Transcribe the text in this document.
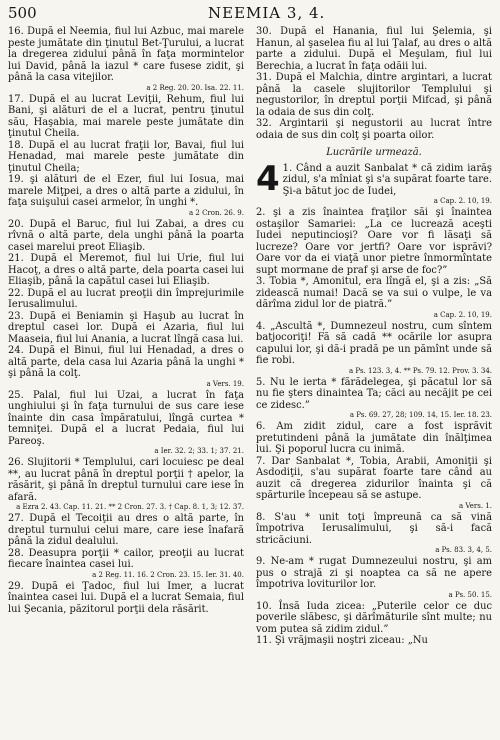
500	NEEMIA 3, 4.
16. După el Neemia, fiul lui Azbuc, mai marele peste jumătate din ţinutul Bet-Ţurului, a lucrat la dregerea zidului până în faţa mormintelor lui David, până la iazul * care fusese zidit, şi până la casa vitejilor.
a 2 Reg. 20. 20. Isa. 22. 11.
17. După el au lucrat Leviţii, Rehum, fiul lui Bani, şi alături de el a lucrat, pentru ţinutul său, Haşabia, mai marele peste jumătate din ţinutul Cheila.
18. După el au lucrat fraţii lor, Bavai, fiul lui Henadad, mai marele peste jumătate din ţinutul Cheila;
19. şi alături de el Ezer, fiul lui Iosua, mai marele Miţpei, a dres o altă parte a zidului, în faţa suişului casei armelor, în unghi *.
a 2 Cron. 26. 9.
20. După el Baruc, fiul lui Zabai, a dres cu rîvnă o altă parte, dela unghi până la poarta casei marelui preot Eliaşib.
21. După el Meremot, fiul lui Urie, fiul lui Hacoţ, a dres o altă parte, dela poarta casei lui Eliaşib, până la capătul casei lui Eliaşib.
22. După el au lucrat preoţii din împrejurimile Ierusalimului.
23. După ei Beniamin şi Haşub au lucrat în dreptul casei lor. După ei Azaria, fiul lui Maaseia, fiul lui Anania, a lucrat lîngă casa lui.
24. După el Binui, fiul lui Henadad, a dres o altă parte, dela casa lui Azaria până la unghi * şi până la colţ.
a Vers. 19.
25. Palal, fiul lui Uzai, a lucrat în faţa unghiului şi în faţa turnului de sus care iese înainte din casa împăratului, lîngă curtea * temniţei. După el a lucrat Pedaia, fiul lui Pareoş.
a Ier. 32. 2; 33. 1; 37. 21.
26. Slujitorii * Templului, cari locuiesc pe deal **, au lucrat până în dreptul porţii † apelor, la răsărit, şi până în dreptul turnului care iese în afară.
a Ezra 2. 43. Cap. 11. 21. ** 2 Cron. 27. 3. † Cap. 8. 1, 3; 12. 37.
27. După el Tecoiţii au dres o altă parte, în dreptul turnului celui mare, care iese înafară până la zidul dealului.
28. Deasupra porţii * cailor, preoţii au lucrat fiecare înaintea casei lui.
a 2 Reg. 11. 16. 2 Cron. 23. 15. Ier. 31. 40.
29. După ei Ţadoc, fiul lui Imer, a lucrat înaintea casei lui. După el a lucrat Semaia, fiul lui Şecania, păzitorul porţii dela răsărit.
30. După el Hanania, fiul lui Şelemia, şi Hanun, al şaselea fiu al lui Ţalaf, au dres o altă parte a zidului. După el Meşulam, fiul lui Berechia, a lucrat în faţa odăii lui.
31. După el Malchia, dintre argintari, a lucrat până la casele slujitorilor Templului şi negustorilor, în dreptul porţii Mifcad, şi până la odaia de sus din colţ.
32. Argintarii şi negustorii au lucrat între odaia de sus din colţ şi poarta oilor.
Lucrările urmează.
4 1. Când a auzit Sanbalat * că zidim iarăş zidul, s'a mîniat şi s'a supărat foarte tare. Şi-a bătut joc de Iudei,
a Cap. 2. 10, 19.
2. şi a zis înaintea fraţilor săi şi înaintea ostaşilor Samariei: „La ce lucrează aceşti Iudei neputincioşi? Oare vor fi lăsaţi să lucreze? Oare vor jertfi? Oare vor isprăvi? Oare vor da ei viaţă unor pietre înmormîntate supt mormane de praf şi arse de foc?”
3. Tobia *, Amonitul, era lîngă el, şi a zis: „Să zidească numai! Dacă se va sui o vulpe, le va dărîma zidul lor de piatră.”
a Cap. 2. 10, 19.
4. „Ascultă *, Dumnezeul nostru, cum sîntem batjocoriţi! Fă să cadă ** ocările lor asupra capului lor, şi dă-i pradă pe un pămînt unde să fie robi.
a Ps. 123. 3, 4. ** Ps. 79. 12. Prov. 3. 34.
5. Nu le ierta * fărădelegea, şi păcatul lor să nu fie şters dinaintea Ta; căci au necăjit pe cei ce zidesc.”
a Ps. 69. 27, 28; 109. 14, 15. Ier. 18. 23.
6. Am zidit zidul, care a fost isprăvit pretutindeni până la jumătate din înălţimea lui. Şi poporul lucra cu inimă.
7. Dar Sanbalat *, Tobia, Arabii, Amoniţii şi Asdodiţii, s'au supărat foarte tare când au auzit că dregerea zidurilor înainta şi că spărturile începeau să se astupe.
a Vers. 1.
8. S'au * unit toţi împreună ca să vină împotriva Ierusalimului, şi să-i facă stricăciuni.
a Ps. 83. 3, 4, 5.
9. Ne-am * rugat Dumnezeului nostru, şi am pus o strajă zi şi noaptea ca să ne apere împotriva loviturilor lor.
a Ps. 50. 15.
10. Însă Iuda zicea: „Puterile celor ce duc poverile slăbesc, şi dărîmăturile sînt multe; nu vom putea să zidim zidul.”
11. Şi vrăjmaşii noştri ziceau: „Nu
